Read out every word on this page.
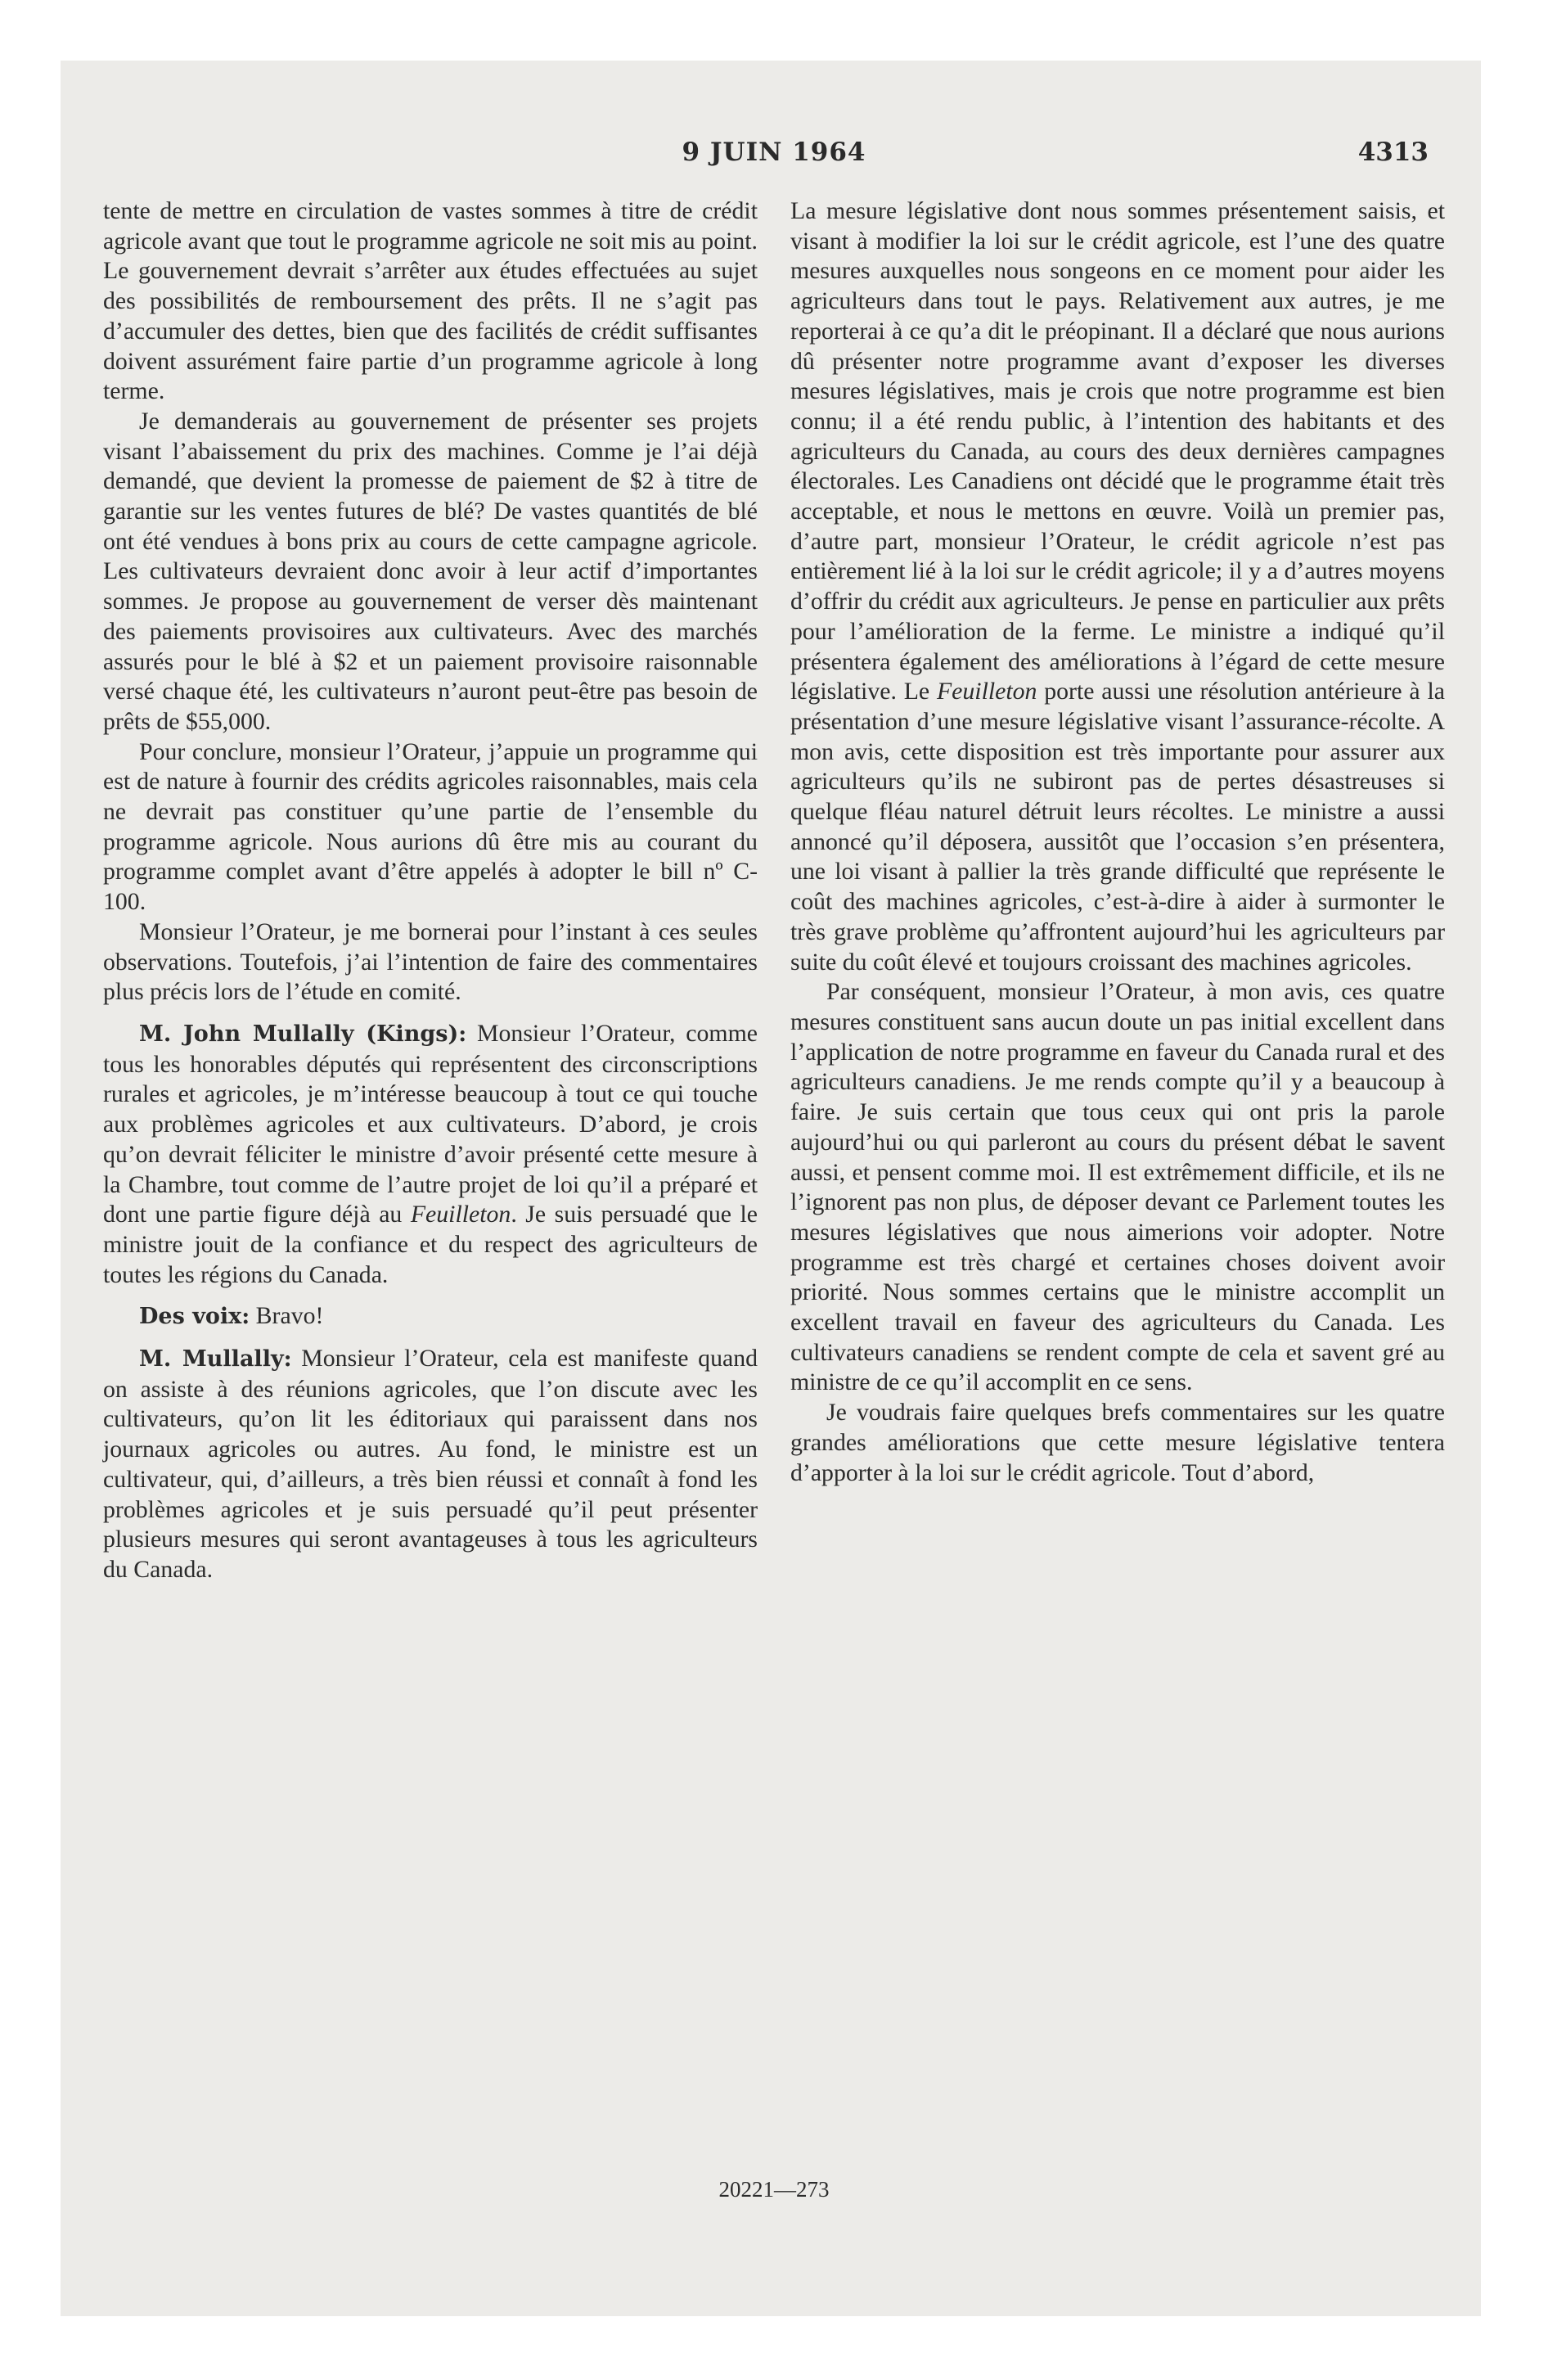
9 JUIN 1964	4313

tente de mettre en circulation de vastes sommes à titre de crédit agricole avant que tout le programme agricole ne soit mis au point. Le gouvernement devrait s’arrêter aux études effectuées au sujet des possibilités de remboursement des prêts. Il ne s’agit pas d’accumuler des dettes, bien que des facilités de crédit suffisantes doivent assurément faire partie d’un programme agricole à long terme.

Je demanderais au gouvernement de présenter ses projets visant l’abaissement du prix des machines. Comme je l’ai déjà demandé, que devient la promesse de paiement de $2 à titre de garantie sur les ventes futures de blé? De vastes quantités de blé ont été vendues à bons prix au cours de cette campagne agricole. Les cultivateurs devraient donc avoir à leur actif d’importantes sommes. Je propose au gouvernement de verser dès maintenant des paiements provisoires aux cultivateurs. Avec des marchés assurés pour le blé à $2 et un paiement provisoire raisonnable versé chaque été, les cultivateurs n’auront peut-être pas besoin de prêts de $55,000.

Pour conclure, monsieur l’Orateur, j’appuie un programme qui est de nature à fournir des crédits agricoles raisonnables, mais cela ne devrait pas constituer qu’une partie de l’ensemble du programme agricole. Nous aurions dû être mis au courant du programme complet avant d’être appelés à adopter le bill nº C-100.

Monsieur l’Orateur, je me bornerai pour l’instant à ces seules observations. Toutefois, j’ai l’intention de faire des commentaires plus précis lors de l’étude en comité.

M. John Mullally (Kings): Monsieur l’Orateur, comme tous les honorables députés qui représentent des circonscriptions rurales et agricoles, je m’intéresse beaucoup à tout ce qui touche aux problèmes agricoles et aux cultivateurs. D’abord, je crois qu’on devrait féliciter le ministre d’avoir présenté cette mesure à la Chambre, tout comme de l’autre projet de loi qu’il a préparé et dont une partie figure déjà au Feuilleton. Je suis persuadé que le ministre jouit de la confiance et du respect des agriculteurs de toutes les régions du Canada.

Des voix: Bravo!

M. Mullally: Monsieur l’Orateur, cela est manifeste quand on assiste à des réunions agricoles, que l’on discute avec les cultivateurs, qu’on lit les éditoriaux qui paraissent dans nos journaux agricoles ou autres. Au fond, le ministre est un cultivateur, qui, d’ailleurs, a très bien réussi et connaît à fond les problèmes agricoles et je suis persuadé qu’il peut présenter plusieurs mesures qui seront avantageuses à tous les agriculteurs du Canada.

La mesure législative dont nous sommes présentement saisis, et visant à modifier la loi sur le crédit agricole, est l’une des quatre mesures auxquelles nous songeons en ce moment pour aider les agriculteurs dans tout le pays. Relativement aux autres, je me reporterai à ce qu’a dit le préopinant. Il a déclaré que nous aurions dû présenter notre programme avant d’exposer les diverses mesures législatives, mais je crois que notre programme est bien connu; il a été rendu public, à l’intention des habitants et des agriculteurs du Canada, au cours des deux dernières campagnes électorales. Les Canadiens ont décidé que le programme était très acceptable, et nous le mettons en œuvre. Voilà un premier pas, d’autre part, monsieur l’Orateur, le crédit agricole n’est pas entièrement lié à la loi sur le crédit agricole; il y a d’autres moyens d’offrir du crédit aux agriculteurs. Je pense en particulier aux prêts pour l’amélioration de la ferme. Le ministre a indiqué qu’il présentera également des améliorations à l’égard de cette mesure législative. Le Feuilleton porte aussi une résolution antérieure à la présentation d’une mesure législative visant l’assurance-récolte. A mon avis, cette disposition est très importante pour assurer aux agriculteurs qu’ils ne subiront pas de pertes désastreuses si quelque fléau naturel détruit leurs récoltes. Le ministre a aussi annoncé qu’il déposera, aussitôt que l’occasion s’en présentera, une loi visant à pallier la très grande difficulté que représente le coût des machines agricoles, c’est-à-dire à aider à surmonter le très grave problème qu’affrontent aujourd’hui les agriculteurs par suite du coût élevé et toujours croissant des machines agricoles.

Par conséquent, monsieur l’Orateur, à mon avis, ces quatre mesures constituent sans aucun doute un pas initial excellent dans l’application de notre programme en faveur du Canada rural et des agriculteurs canadiens. Je me rends compte qu’il y a beaucoup à faire. Je suis certain que tous ceux qui ont pris la parole aujourd’hui ou qui parleront au cours du présent débat le savent aussi, et pensent comme moi. Il est extrêmement difficile, et ils ne l’ignorent pas non plus, de déposer devant ce Parlement toutes les mesures législatives que nous aimerions voir adopter. Notre programme est très chargé et certaines choses doivent avoir priorité. Nous sommes certains que le ministre accomplit un excellent travail en faveur des agriculteurs du Canada. Les cultivateurs canadiens se rendent compte de cela et savent gré au ministre de ce qu’il accomplit en ce sens.

Je voudrais faire quelques brefs commentaires sur les quatre grandes améliorations que cette mesure législative tentera d’apporter à la loi sur le crédit agricole. Tout d’abord,

20221—273
